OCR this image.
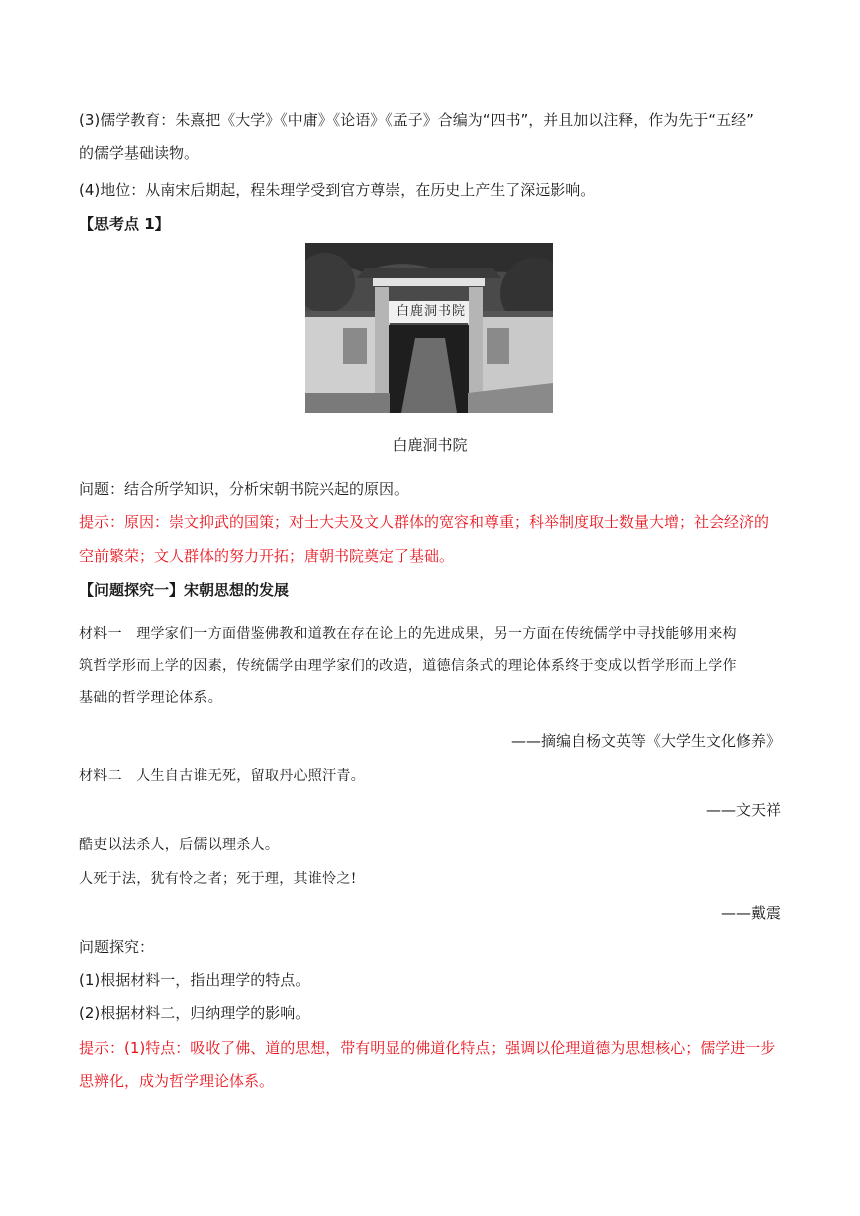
(3)儒学教育：朱熹把《大学》《中庸》《论语》《孟子》合编为“四书”，并且加以注释，作为先于“五经”
的儒学基础读物。
(4)地位：从南宋后期起，程朱理学受到官方尊崇，在历史上产生了深远影响。
【思考点 1】
白鹿洞书院
白鹿洞书院
问题：结合所学知识，分析宋朝书院兴起的原因。
提示：原因：崇文抑武的国策；对士大夫及文人群体的宽容和尊重；科举制度取士数量大增；社会经济的
空前繁荣；文人群体的努力开拓；唐朝书院奠定了基础。
【问题探究一】宋朝思想的发展
材料一　理学家们一方面借鉴佛教和道教在存在论上的先进成果，另一方面在传统儒学中寻找能够用来构
筑哲学形而上学的因素，传统儒学由理学家们的改造，道德信条式的理论体系终于变成以哲学形而上学作
基础的哲学理论体系。
——摘编自杨文英等《大学生文化修养》
材料二　人生自古谁无死，留取丹心照汗青。
——文天祥
酷吏以法杀人，后儒以理杀人。
人死于法，犹有怜之者；死于理，其谁怜之!
——戴震
问题探究：
(1)根据材料一，指出理学的特点。
(2)根据材料二，归纳理学的影响。
提示：(1)特点：吸收了佛、道的思想，带有明显的佛道化特点；强调以伦理道德为思想核心；儒学进一步
思辨化，成为哲学理论体系。
